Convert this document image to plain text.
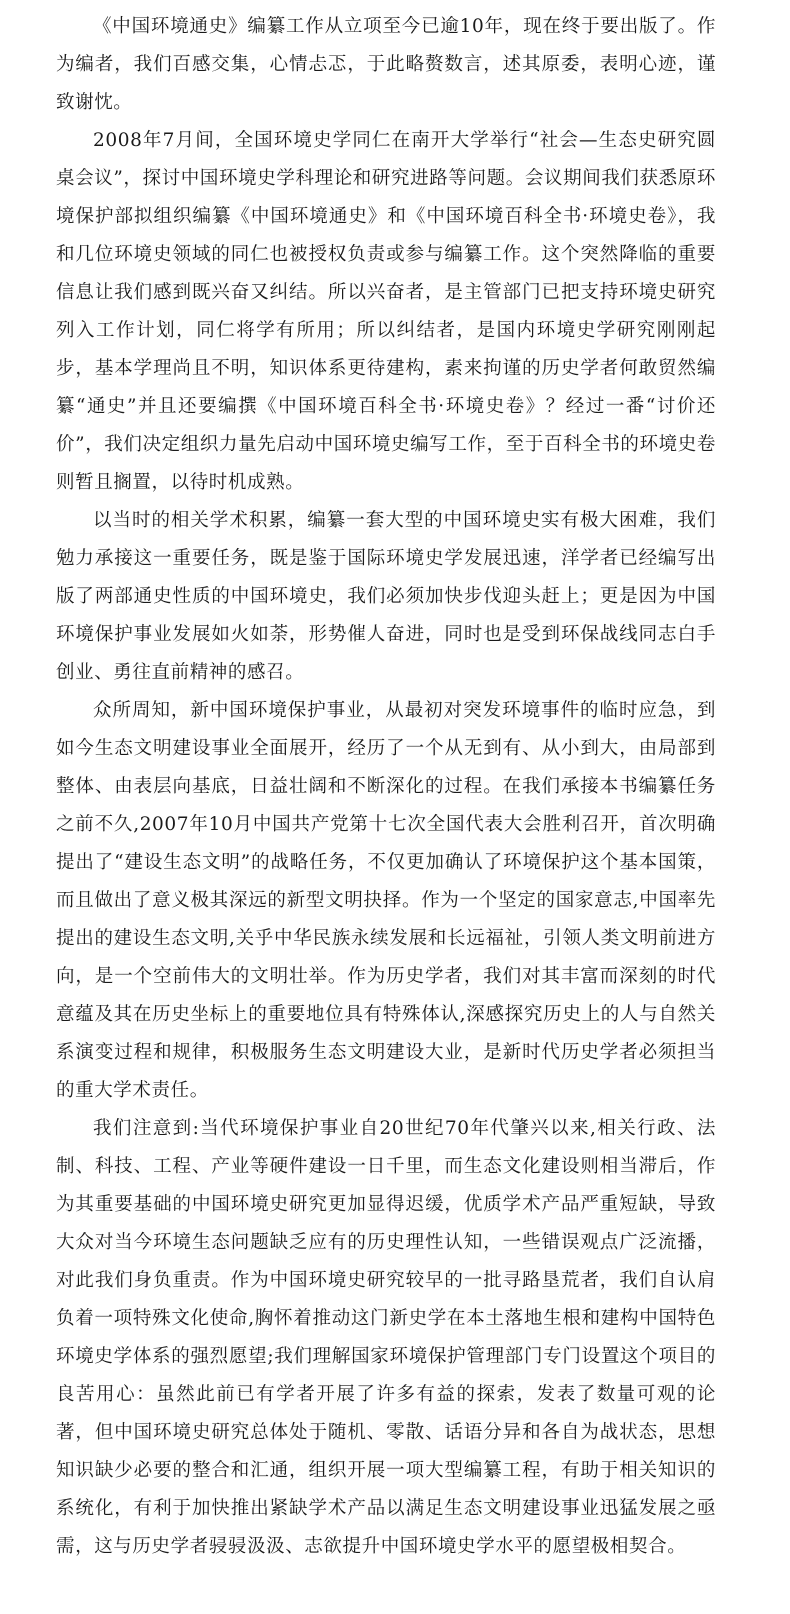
《中国环境通史》编纂工作从立项至今已逾10年，现在终于要出版了。作为编者，我们百感交集，心情忐忑，于此略赘数言，述其原委，表明心迹，谨致谢忱。

2008年7月间，全国环境史学同仁在南开大学举行“社会—生态史研究圆桌会议”，探讨中国环境史学科理论和研究进路等问题。会议期间我们获悉原环境保护部拟组织编纂《中国环境通史》和《中国环境百科全书·环境史卷》，我和几位环境史领域的同仁也被授权负责或参与编纂工作。这个突然降临的重要信息让我们感到既兴奋又纠结。所以兴奋者，是主管部门已把支持环境史研究列入工作计划，同仁将学有所用；所以纠结者，是国内环境史学研究刚刚起步，基本学理尚且不明，知识体系更待建构，素来拘谨的历史学者何敢贸然编纂“通史”并且还要编撰《中国环境百科全书·环境史卷》？经过一番“讨价还价”，我们决定组织力量先启动中国环境史编写工作，至于百科全书的环境史卷则暂且搁置，以待时机成熟。

以当时的相关学术积累，编纂一套大型的中国环境史实有极大困难，我们勉力承接这一重要任务，既是鉴于国际环境史学发展迅速，洋学者已经编写出版了两部通史性质的中国环境史，我们必须加快步伐迎头赶上；更是因为中国环境保护事业发展如火如荼，形势催人奋进，同时也是受到环保战线同志白手创业、勇往直前精神的感召。

众所周知，新中国环境保护事业，从最初对突发环境事件的临时应急，到如今生态文明建设事业全面展开，经历了一个从无到有、从小到大，由局部到整体、由表层向基底，日益壮阔和不断深化的过程。在我们承接本书编纂任务之前不久,2007年10月中国共产党第十七次全国代表大会胜利召开，首次明确提出了“建设生态文明”的战略任务，不仅更加确认了环境保护这个基本国策，而且做出了意义极其深远的新型文明抉择。作为一个坚定的国家意志,中国率先提出的建设生态文明,关乎中华民族永续发展和长远福祉，引领人类文明前进方向，是一个空前伟大的文明壮举。作为历史学者，我们对其丰富而深刻的时代意蕴及其在历史坐标上的重要地位具有特殊体认,深感探究历史上的人与自然关系演变过程和规律，积极服务生态文明建设大业，是新时代历史学者必须担当的重大学术责任。

我们注意到:当代环境保护事业自20世纪70年代肇兴以来,相关行政、法制、科技、工程、产业等硬件建设一日千里，而生态文化建设则相当滞后，作为其重要基础的中国环境史研究更加显得迟缓，优质学术产品严重短缺，导致大众对当今环境生态问题缺乏应有的历史理性认知，一些错误观点广泛流播，对此我们身负重责。作为中国环境史研究较早的一批寻路垦荒者，我们自认肩负着一项特殊文化使命,胸怀着推动这门新史学在本土落地生根和建构中国特色环境史学体系的强烈愿望;我们理解国家环境保护管理部门专门设置这个项目的良苦用心：虽然此前已有学者开展了许多有益的探索，发表了数量可观的论著，但中国环境史研究总体处于随机、零散、话语分异和各自为战状态，思想知识缺少必要的整合和汇通，组织开展一项大型编纂工程，有助于相关知识的系统化，有利于加快推出紧缺学术产品以满足生态文明建设事业迅猛发展之亟需，这与历史学者骎骎汲汲、志欲提升中国环境史学水平的愿望极相契合。
